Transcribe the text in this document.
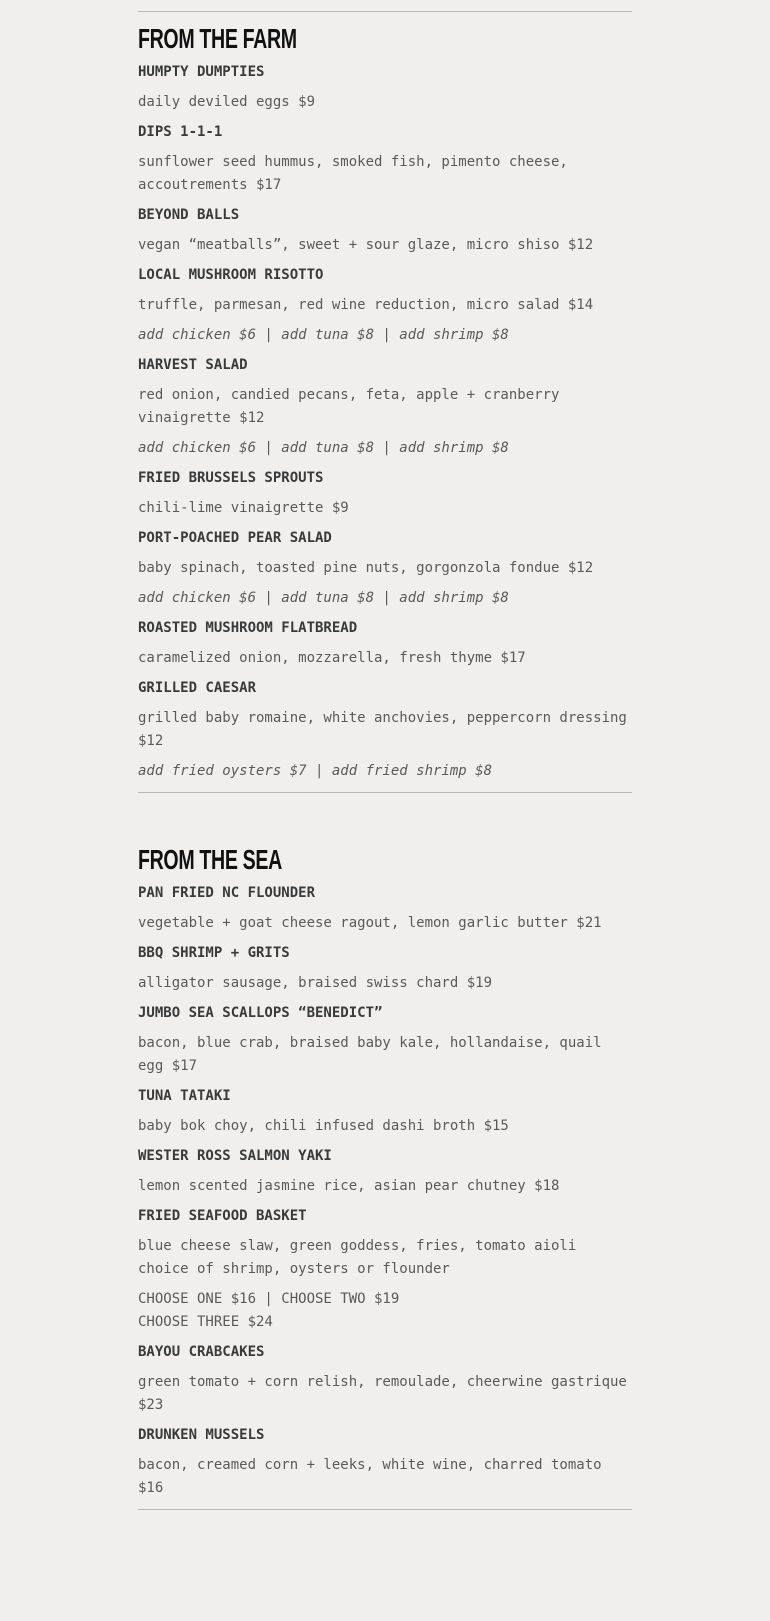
FROM THE FARM
HUMPTY DUMPTIES
daily deviled eggs $9
DIPS 1-1-1
sunflower seed hummus, smoked fish, pimento cheese, accoutrements $17
BEYOND BALLS
vegan “meatballs”, sweet + sour glaze, micro shiso $12
LOCAL MUSHROOM RISOTTO
truffle, parmesan, red wine reduction, micro salad $14
add chicken $6 | add tuna $8 | add shrimp $8
HARVEST SALAD
red onion, candied pecans, feta, apple + cranberry vinaigrette $12
add chicken $6 | add tuna $8 | add shrimp $8
FRIED BRUSSELS SPROUTS
chili-lime vinaigrette $9
PORT-POACHED PEAR SALAD
baby spinach, toasted pine nuts, gorgonzola fondue $12
add chicken $6 | add tuna $8 | add shrimp $8
ROASTED MUSHROOM FLATBREAD
caramelized onion, mozzarella, fresh thyme $17
GRILLED CAESAR
grilled baby romaine, white anchovies, peppercorn dressing $12
add fried oysters $7 | add fried shrimp $8
FROM THE SEA
PAN FRIED NC FLOUNDER
vegetable + goat cheese ragout, lemon garlic butter $21
BBQ SHRIMP + GRITS
alligator sausage, braised swiss chard $19
JUMBO SEA SCALLOPS “BENEDICT”
bacon, blue crab, braised baby kale, hollandaise, quail egg $17
TUNA TATAKI
baby bok choy, chili infused dashi broth $15
WESTER ROSS SALMON YAKI
lemon scented jasmine rice, asian pear chutney $18
FRIED SEAFOOD BASKET
blue cheese slaw, green goddess, fries, tomato aioli choice of shrimp, oysters or flounder
CHOOSE ONE $16 | CHOOSE TWO $19
CHOOSE THREE $24
BAYOU CRABCAKES
green tomato + corn relish, remoulade, cheerwine gastrique $23
DRUNKEN MUSSELS
bacon, creamed corn + leeks, white wine, charred tomato $16
